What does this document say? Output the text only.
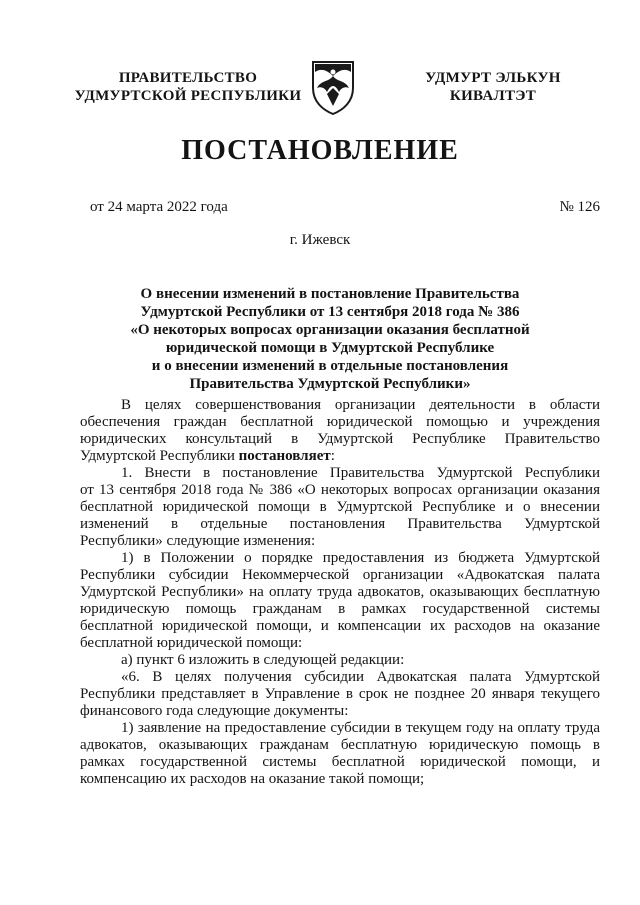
ПРАВИТЕЛЬСТВО
УДМУРТСКОЙ РЕСПУБЛИКИ
УДМУРТ ЭЛЬКУН
КИВАЛТЭТ
ПОСТАНОВЛЕНИЕ
от 24 марта 2022 года	№ 126
г. Ижевск
О внесении изменений в постановление Правительства
Удмуртской Республики от 13 сентября 2018 года № 386
«О некоторых вопросах организации оказания бесплатной
юридической помощи в Удмуртской Республике
и о внесении изменений в отдельные постановления
Правительства Удмуртской Республики»
В целях совершенствования организации деятельности в области
обеспечения граждан бесплатной юридической помощью и учреждения
юридических консультаций в Удмуртской Республике Правительство
Удмуртской Республики постановляет:
1. Внести в постановление Правительства Удмуртской Республики
от 13 сентября 2018 года № 386 «О некоторых вопросах организации оказания
бесплатной юридической помощи в Удмуртской Республике и о внесении
изменений в отдельные постановления Правительства Удмуртской
Республики» следующие изменения:
1) в Положении о порядке предоставления из бюджета Удмуртской
Республики субсидии Некоммерческой организации «Адвокатская палата
Удмуртской Республики» на оплату труда адвокатов, оказывающих бесплатную
юридическую помощь гражданам в рамках государственной системы
бесплатной юридической помощи, и компенсации их расходов на оказание
бесплатной юридической помощи:
а) пункт 6 изложить в следующей редакции:
«6. В целях получения субсидии Адвокатская палата Удмуртской
Республики представляет в Управление в срок не позднее 20 января текущего
финансового года следующие документы:
1) заявление на предоставление субсидии в текущем году на оплату труда
адвокатов, оказывающих гражданам бесплатную юридическую помощь в
рамках государственной системы бесплатной юридической помощи, и
компенсацию их расходов на оказание такой помощи;
